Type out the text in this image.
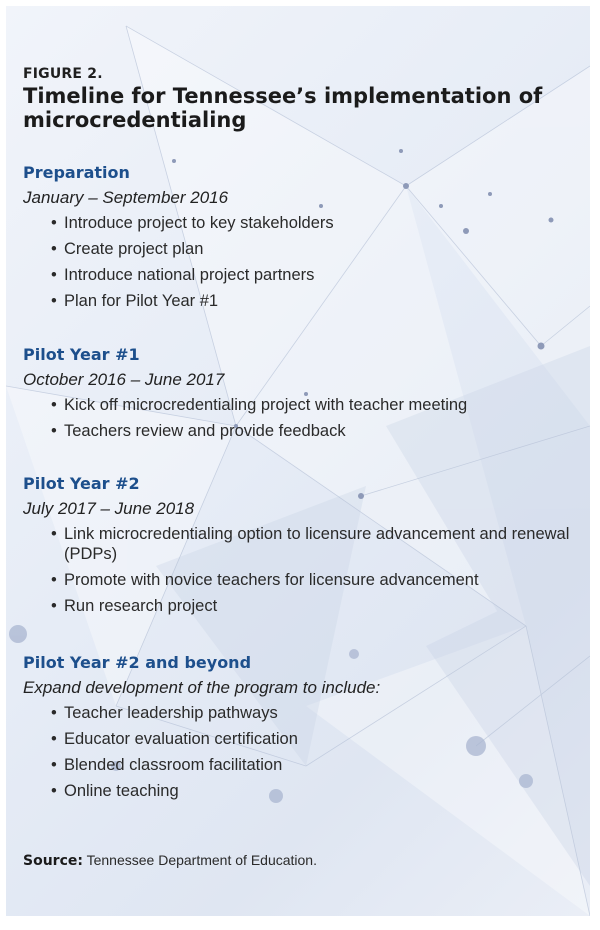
FIGURE 2.
Timeline for Tennessee’s implementation of microcredentialing
Preparation
January – September 2016
• Introduce project to key stakeholders
• Create project plan
• Introduce national project partners
• Plan for Pilot Year #1
Pilot Year #1
October 2016 – June 2017
• Kick off microcredentialing project with teacher meeting
• Teachers review and provide feedback
Pilot Year #2
July 2017 – June 2018
• Link microcredentialing option to licensure advancement and renewal (PDPs)
• Promote with novice teachers for licensure advancement
• Run research project
Pilot Year #2 and beyond
Expand development of the program to include:
• Teacher leadership pathways
• Educator evaluation certification
• Blended classroom facilitation
• Online teaching
Source: Tennessee Department of Education.
